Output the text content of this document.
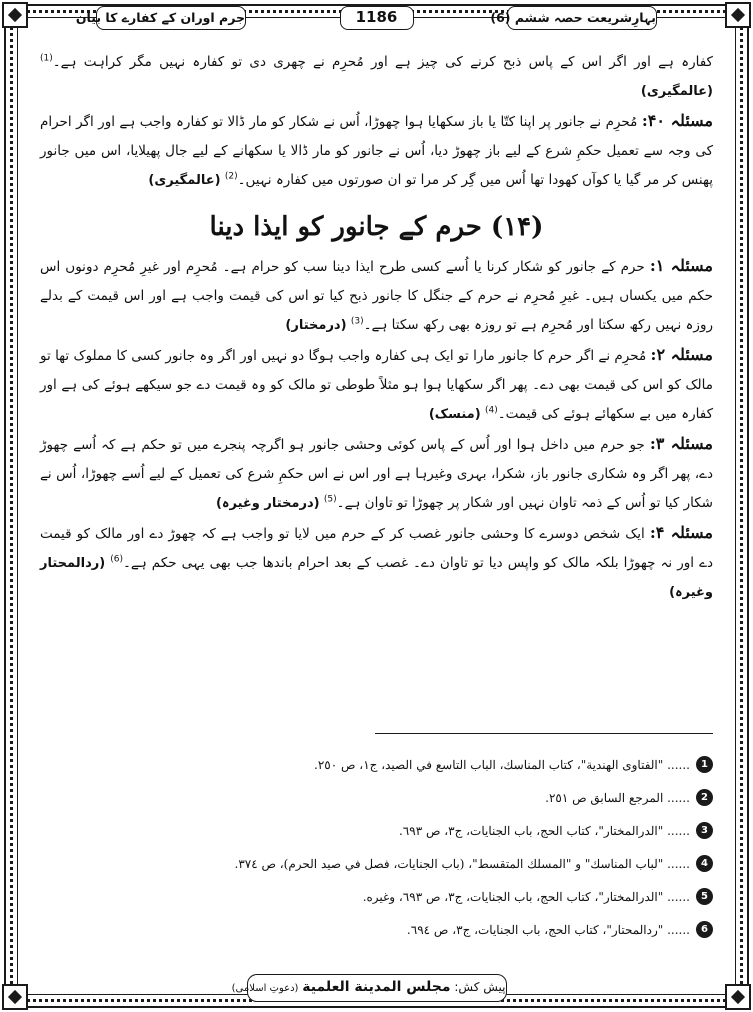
بہارِشریعت حصہ ششم (6)
1186
جرم اوران کے کفارے کا بیان

کفارہ ہے اور اگر اس کے پاس ذبح کرنے کی چیز ہے اور مُحرِم نے چھری دی تو کفارہ نہیں مگر کراہت ہے۔$^{(1)}$ (عالمگیری)

مسئلہ ۴۰: مُحرِم نے جانور پر اپنا کتّا یا باز سکھایا ہوا چھوڑا، اُس نے شکار کو مار ڈالا تو کفارہ واجب ہے اور اگر احرام کی وجہ سے تعمیل حکمِ شرع کے لیے باز چھوڑ دیا، اُس نے جانور کو مار ڈالا یا سکھانے کے لیے جال پھیلایا، اس میں جانور پھنس کر مر گیا یا کوآں کھودا تھا اُس میں گِر کر مرا تو ان صورتوں میں کفارہ نہیں۔$^{(2)}$ (عالمگیری)

(۱۴) حرم کے جانور کو ایذا دینا

مسئلہ ۱: حرم کے جانور کو شکار کرنا یا اُسے کسی طرح ایذا دینا سب کو حرام ہے۔ مُحرِم اور غیرِ مُحرِم دونوں اس حکم میں یکساں ہیں۔ غیرِ مُحرِم نے حرم کے جنگل کا جانور ذبح کیا تو اس کی قیمت واجب ہے اور اس قیمت کے بدلے روزہ نہیں رکھ سکتا اور مُحرِم ہے تو روزہ بھی رکھ سکتا ہے۔$^{(3)}$ (درمختار)

مسئلہ ۲: مُحرِم نے اگر حرم کا جانور مارا تو ایک ہی کفارہ واجب ہوگا دو نہیں اور اگر وہ جانور کسی کا مملوک تھا تو مالک کو اس کی قیمت بھی دے۔ پھر اگر سکھایا ہوا ہو مثلاً طوطی تو مالک کو وہ قیمت دے جو سیکھے ہوئے کی ہے اور کفارہ میں بے سکھائے ہوئے کی قیمت۔$^{(4)}$ (منسک)

مسئلہ ۳: جو حرم میں داخل ہوا اور اُس کے پاس کوئی وحشی جانور ہو اگرچہ پنجرے میں تو حکم ہے کہ اُسے چھوڑ دے، پھر اگر وہ شکاری جانور باز، شکرا، بہری وغیرہا ہے اور اس نے اس حکمِ شرع کی تعمیل کے لیے اُسے چھوڑا، اُس نے شکار کیا تو اُس کے ذمہ تاوان نہیں اور شکار پر چھوڑا تو تاوان ہے۔$^{(5)}$ (درمختار وغیرہ)

مسئلہ ۴: ایک شخص دوسرے کا وحشی جانور غصب کر کے حرم میں لایا تو واجب ہے کہ چھوڑ دے اور مالک کو قیمت دے اور نہ چھوڑا بلکہ مالک کو واپس دیا تو تاوان دے۔ غصب کے بعد احرام باندھا جب بھی یہی حکم ہے۔$^{(6)}$ (ردالمحتار وغیرہ)

1
...... "الفتاوى الهندية"، كتاب المناسك، الباب التاسع في الصيد، ج١، ص ٢٥٠.
2
...... المرجع السابق ص ٢٥١.
3
...... "الدرالمختار"، كتاب الحج، باب الجنايات، ج٣، ص ٦٩٣.
4
...... "لباب المناسك" و "المسلك المتقسط"، (باب الجنايات، فصل في صيد الحرم)، ص ٣٧٤.
5
...... "الدرالمختار"، كتاب الحج، باب الجنايات، ج٣، ص ٦٩٣، وغيره.
6
...... "ردالمحتار"، كتاب الحج، باب الجنايات، ج٣، ص ٦٩٤.
پیش کش: مجلس المدينة العلمية (دعوتِ اسلامی)
